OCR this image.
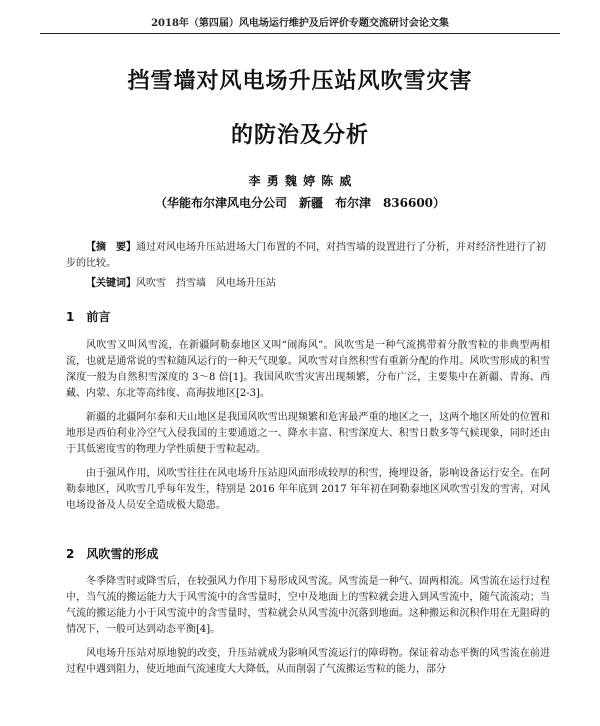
2018年（第四届）风电场运行维护及后评价专题交流研讨会论文集
挡雪墙对风电场升压站风吹雪灾害
的防治及分析
李 勇 魏 婷 陈 威
（华能布尔津风电分公司　新疆　布尔津　836600）

【摘　要】通过对风电场升压站进场大门布置的不同，对挡雪墙的设置进行了分析，并对经济性进行了初步的比较。

【关键词】风吹雪　挡雪墙　风电场升压站

1　前言

风吹雪又叫风雪流，在新疆阿勒泰地区又叫“闹海风”。风吹雪是一种气流携带着分散雪粒的非典型两相流，也就是通常说的雪粒随风运行的一种天气现象。风吹雪对自然积雪有重新分配的作用。风吹雪形成的积雪深度一般为自然积雪深度的 3～8 倍[1]。我国风吹雪灾害出现频繁，分布广泛，主要集中在新疆、青海、西藏、内蒙、东北等高纬度、高海拔地区[2-3]。

新疆的北疆阿尔泰和天山地区是我国风吹雪出现频繁和危害最严重的地区之一，这两个地区所处的位置和地形是西伯利业冷空气入侵我国的主要通道之一、降水丰富、积雪深度大、积雪日数多等气候现象，同时还由于其低密度雪的物理力学性质便于雪粒起动。

由于强风作用，风吹雪往往在风电场升压站迎风面形成较厚的积雪，掩埋设备，影响设备运行安全。在阿勒泰地区，风吹雪几乎每年发生，特别是 2016 年年底到 2017 年年初在阿勒泰地区风吹雪引发的雪害，对风电场设备及人员安全造成极大隐患。

2　风吹雪的形成

冬季降雪时或降雪后，在较强风力作用下易形成风雪流。风雪流是一种气、固两相流。风雪流在运行过程中，当气流的搬运能力大于风雪流中的含雪量时，空中及地面上的雪粒就会进入到风雪流中，随气流流动；当气流的搬运能力小于风雪流中的含雪量时，雪粒就会从风雪流中沉落到地面。这种搬运和沉积作用在无阻碍的情况下，一般可达到动态平衡[4]。

风电场升压站对原地貌的改变，升压站就成为影响风雪流运行的障碍物。保证着动态平衡的风雪流在前进过程中遇到阻力，使近地面气流速度大大降低，从而削弱了气流搬运雪粒的能力，部分
